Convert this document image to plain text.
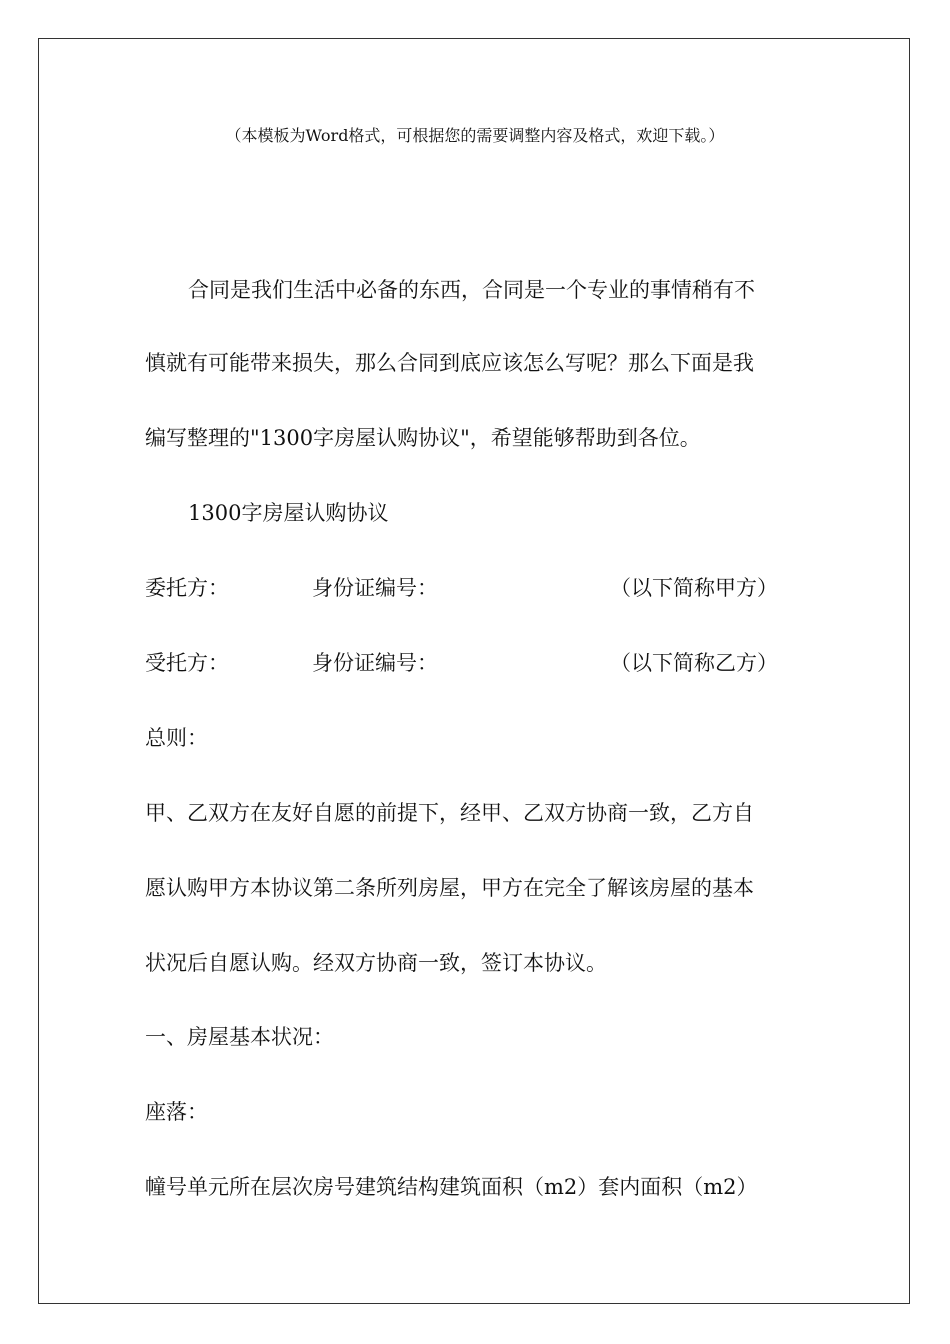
（本模板为Word格式，可根据您的需要调整内容及格式，欢迎下载。）
合同是我们生活中必备的东西，合同是一个专业的事情稍有不
慎就有可能带来损失，那么合同到底应该怎么写呢？那么下面是我
编写整理的"1300字房屋认购协议"，希望能够帮助到各位。
1300字房屋认购协议
委托方：	身份证编号：	（以下简称甲方）
受托方：	身份证编号：	（以下简称乙方）
总则：
甲、乙双方在友好自愿的前提下，经甲、乙双方协商一致，乙方自
愿认购甲方本协议第二条所列房屋，甲方在完全了解该房屋的基本
状况后自愿认购。经双方协商一致，签订本协议。
一、房屋基本状况：
座落：
幢号单元所在层次房号建筑结构建筑面积（m2）套内面积（m2）
